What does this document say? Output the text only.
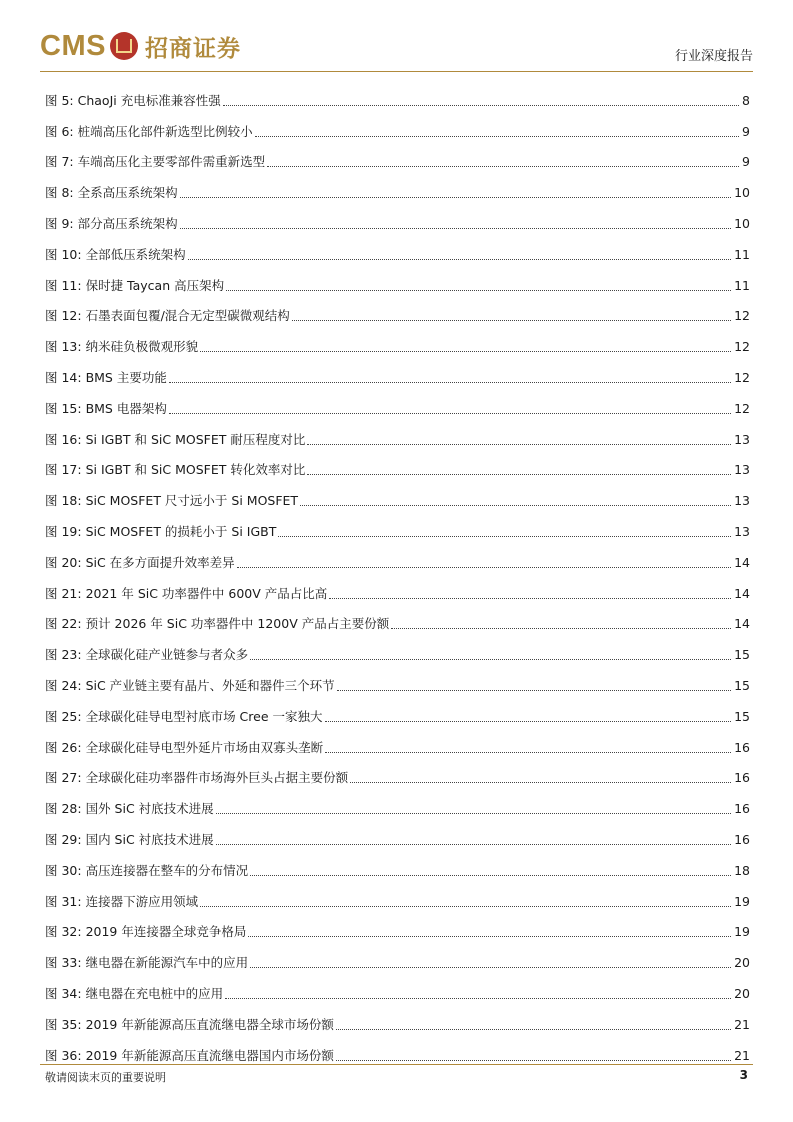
CMS 招商证券	行业深度报告
图 5: ChaoJi 充电标准兼容性强	8
图 6: 桩端高压化部件新选型比例较小	9
图 7: 车端高压化主要零部件需重新选型	9
图 8: 全系高压系统架构	10
图 9: 部分高压系统架构	10
图 10: 全部低压系统架构	11
图 11: 保时捷 Taycan 高压架构	11
图 12: 石墨表面包覆/混合无定型碳微观结构	12
图 13: 纳米硅负极微观形貌	12
图 14: BMS 主要功能	12
图 15: BMS 电器架构	12
图 16: Si IGBT 和 SiC MOSFET 耐压程度对比	13
图 17: Si IGBT 和 SiC MOSFET 转化效率对比	13
图 18: SiC MOSFET 尺寸远小于 Si MOSFET	13
图 19: SiC MOSFET 的损耗小于 Si IGBT	13
图 20: SiC 在多方面提升效率差异	14
图 21: 2021 年 SiC 功率器件中 600V 产品占比高	14
图 22: 预计 2026 年 SiC 功率器件中 1200V 产品占主要份额	14
图 23: 全球碳化硅产业链参与者众多	15
图 24: SiC 产业链主要有晶片、外延和器件三个环节	15
图 25: 全球碳化硅导电型衬底市场 Cree 一家独大	15
图 26: 全球碳化硅导电型外延片市场由双寡头垄断	16
图 27: 全球碳化硅功率器件市场海外巨头占据主要份额	16
图 28: 国外 SiC 衬底技术进展	16
图 29: 国内 SiC 衬底技术进展	16
图 30: 高压连接器在整车的分布情况	18
图 31: 连接器下游应用领域	19
图 32: 2019 年连接器全球竞争格局	19
图 33: 继电器在新能源汽车中的应用	20
图 34: 继电器在充电桩中的应用	20
图 35: 2019 年新能源高压直流继电器全球市场份额	21
图 36: 2019 年新能源高压直流继电器国内市场份额	21
敬请阅读末页的重要说明	3
